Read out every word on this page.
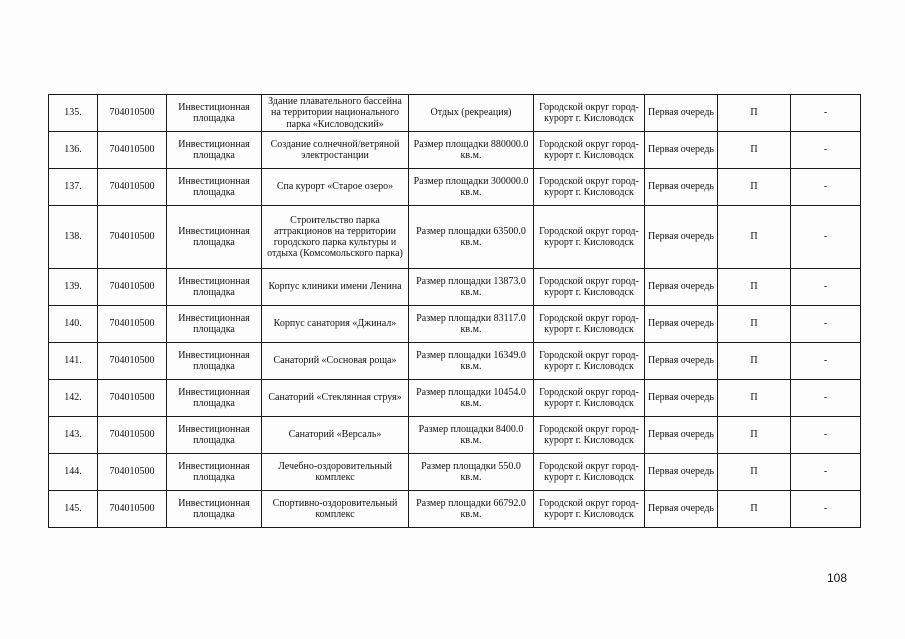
135.	704010500	Инвестиционная площадка	Здание плавательного бассейна на территории национального парка «Кисловодский»	Отдых (рекреация)	Городской округ город-курорт г. Кисловодск	Первая очередь	П	-
136.	704010500	Инвестиционная площадка	Создание солнечной/ветряной электростанции	Размер площадки 880000.0 кв.м.	Городской округ город-курорт г. Кисловодск	Первая очередь	П	-
137.	704010500	Инвестиционная площадка	Спа курорт «Старое озеро»	Размер площадки 300000.0 кв.м.	Городской округ город-курорт г. Кисловодск	Первая очередь	П	-
138.	704010500	Инвестиционная площадка	Строительство парка аттракционов на территории городского парка культуры и отдыха (Комсомольского парка)	Размер площадки 63500.0 кв.м.	Городской округ город-курорт г. Кисловодск	Первая очередь	П	-
139.	704010500	Инвестиционная площадка	Корпус клиники имени Ленина	Размер площадки 13873.0 кв.м.	Городской округ город-курорт г. Кисловодск	Первая очередь	П	-
140.	704010500	Инвестиционная площадка	Корпус санатория «Джинал»	Размер площадки 83117.0 кв.м.	Городской округ город-курорт г. Кисловодск	Первая очередь	П	-
141.	704010500	Инвестиционная площадка	Санаторий «Сосновая роща»	Размер площадки 16349.0 кв.м.	Городской округ город-курорт г. Кисловодск	Первая очередь	П	-
142.	704010500	Инвестиционная площадка	Санаторий «Стеклянная струя»	Размер площадки 10454.0 кв.м.	Городской округ город-курорт г. Кисловодск	Первая очередь	П	-
143.	704010500	Инвестиционная площадка	Санаторий «Версаль»	Размер площадки 8400.0 кв.м.	Городской округ город-курорт г. Кисловодск	Первая очередь	П	-
144.	704010500	Инвестиционная площадка	Лечебно-оздоровительный комплекс	Размер площадки 550.0 кв.м.	Городской округ город-курорт г. Кисловодск	Первая очередь	П	-
145.	704010500	Инвестиционная площадка	Спортивно-оздоровительный комплекс	Размер площадки 66792.0 кв.м.	Городской округ город-курорт г. Кисловодск	Первая очередь	П	-
108
